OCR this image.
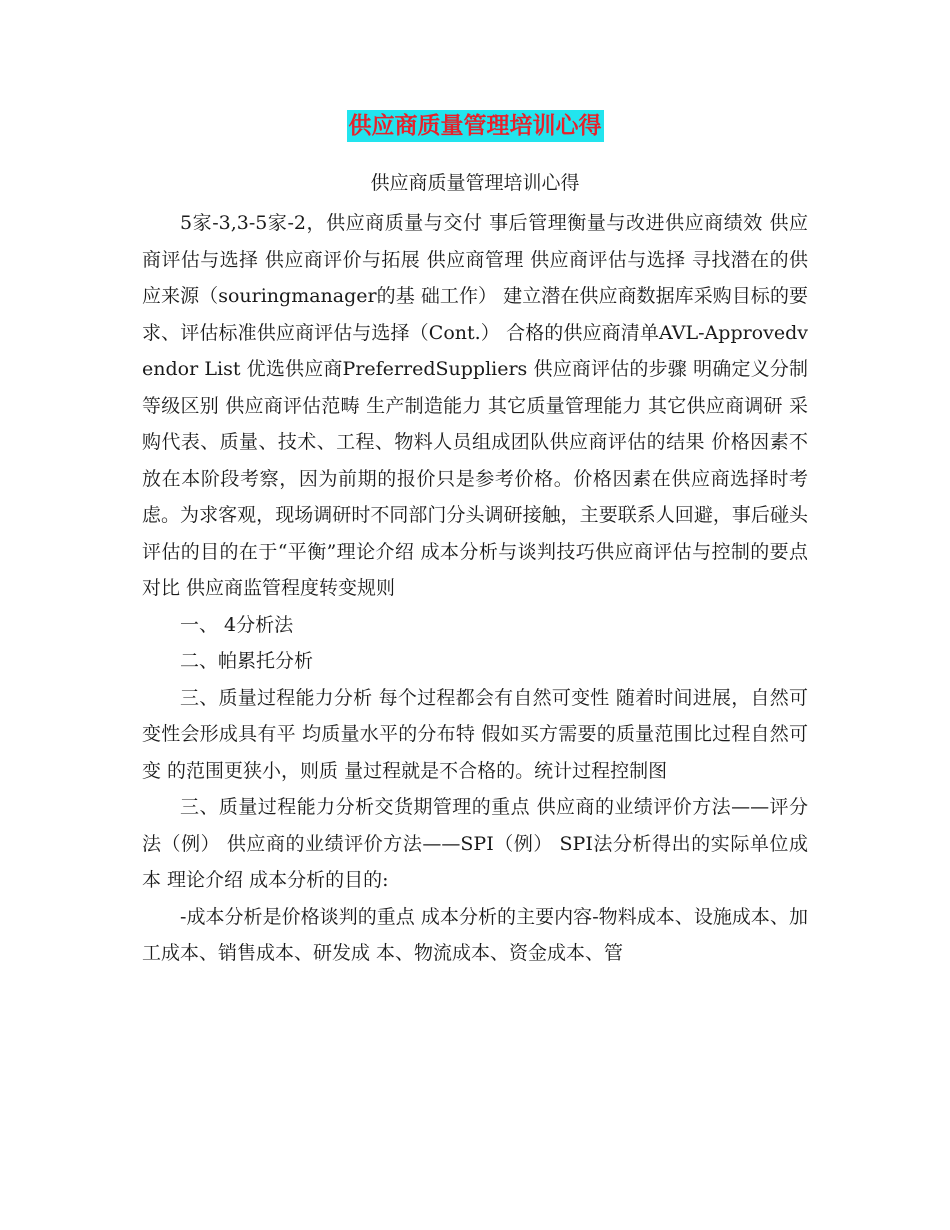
供应商质量管理培训心得
供应商质量管理培训心得

5家-3,3-5家-2，供应商质量与交付 事后管理衡量与改进供应商绩效 供应商评估与选择 供应商评价与拓展 供应商管理 供应商评估与选择 寻找潜在的供应来源（souringmanager的基 础工作） 建立潜在供应商数据库采购目标的要求、评估标准供应商评估与选择（Cont.） 合格的供应商清单AVL-Approvedvendor List 优选供应商PreferredSuppliers 供应商评估的步骤 明确定义分制等级区别 供应商评估范畴 生产制造能力 其它质量管理能力 其它供应商调研 采购代表、质量、技术、工程、物料人员组成团队供应商评估的结果 价格因素不放在本阶段考察，因为前期的报价只是参考价格。价格因素在供应商选择时考虑。为求客观，现场调研时不同部门分头调研接触，主要联系人回避，事后碰头 评估的目的在于“平衡”理论介绍 成本分析与谈判技巧供应商评估与控制的要点对比 供应商监管程度转变规则

一、 4分析法

二、帕累托分析

三、质量过程能力分析 每个过程都会有自然可变性 随着时间进展，自然可变性会形成具有平 均质量水平的分布特 假如买方需要的质量范围比过程自然可变 的范围更狭小，则质 量过程就是不合格的。统计过程控制图

三、质量过程能力分析交货期管理的重点 供应商的业绩评价方法——评分法（例） 供应商的业绩评价方法——SPI（例） SPI法分析得出的实际单位成本 理论介绍 成本分析的目的:

-成本分析是价格谈判的重点 成本分析的主要内容-物料成本、设施成本、加工成本、销售成本、研发成 本、物流成本、资金成本、管
